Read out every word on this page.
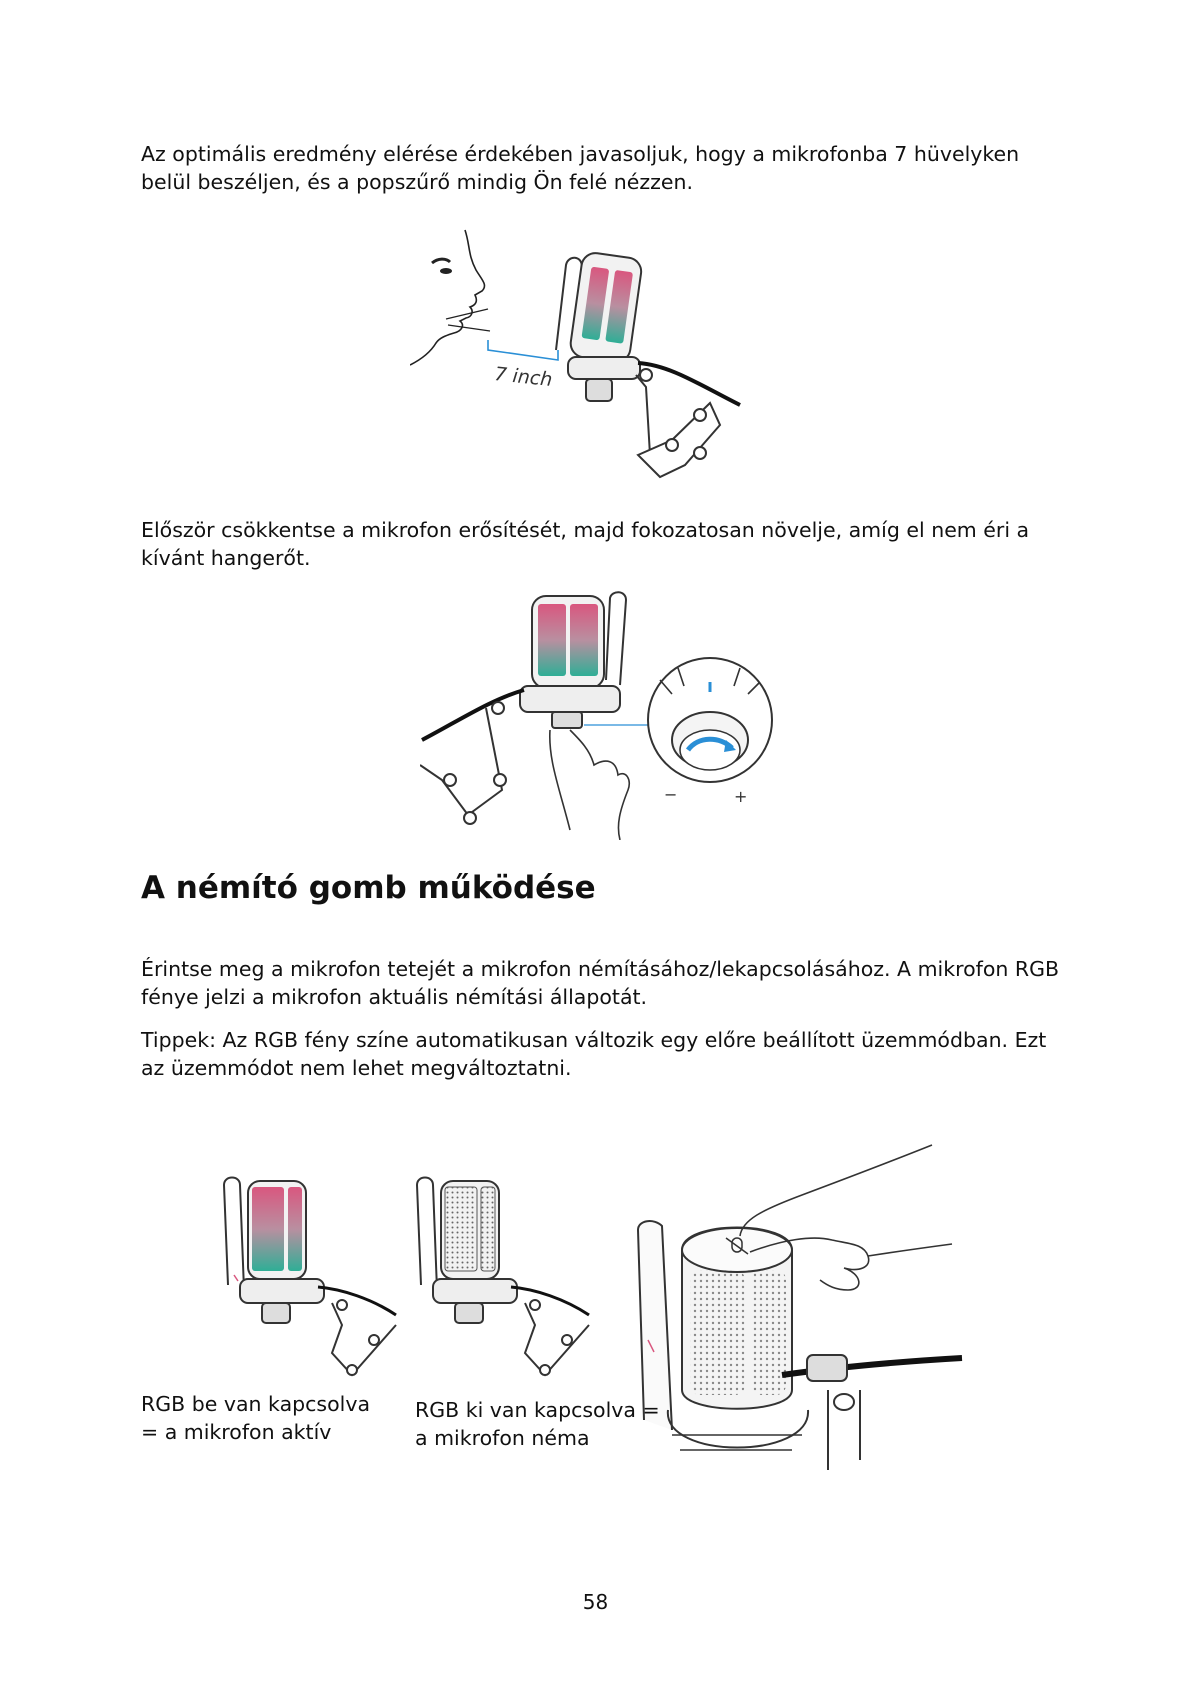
Az optimális eredmény elérése érdekében javasoljuk, hogy a mikrofonba 7 hüvelyken belül beszéljen, és a popszűrő mindig Ön felé nézzen.

7 inch

Először csökkentse a mikrofon erősítését, majd fokozatosan növelje, amíg el nem éri a kívánt hangerőt.

−	+
A némító gomb működése

Érintse meg a mikrofon tetejét a mikrofon némításához/lekapcsolásához. A mikrofon RGB fénye jelzi a mikrofon aktuális némítási állapotát.

Tippek: Az RGB fény színe automatikusan változik egy előre beállított üzemmódban. Ezt az üzemmódot nem lehet megváltoztatni.

RGB be van kapcsolva
= a mikrofon aktív

RGB ki van kapcsolva =
a mikrofon néma

58
